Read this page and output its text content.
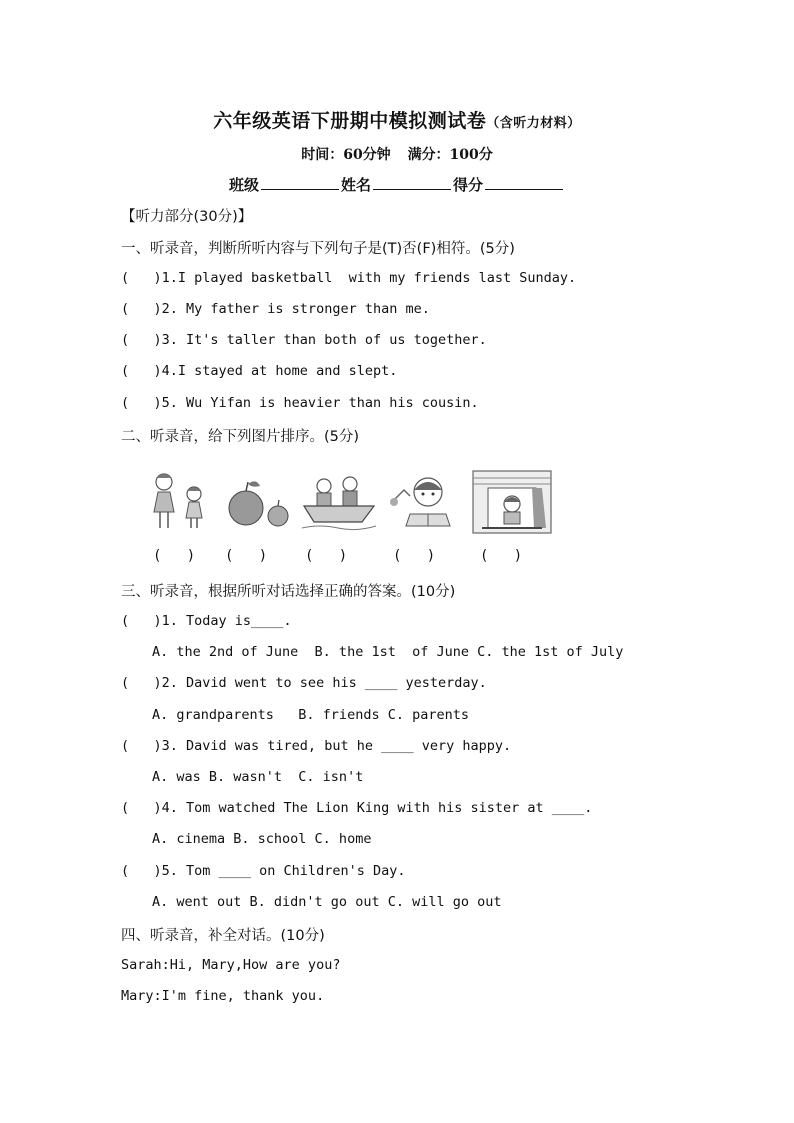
六年级英语下册期中模拟测试卷（含听力材料）
时间：60分钟 满分：100分
班级	姓名	得分
【听力部分(30分)】
一、听录音，判断所听内容与下列句子是(T)否(F)相符。(5分)
(   )1.I played basketball  with my friends last Sunday.
(   )2. My father is stronger than me.
(   )3. It's taller than both of us together.
(   )4.I stayed at home and slept.
(   )5. Wu Yifan is heavier than his cousin.
二、听录音，给下列图片排序。(5分)
(   ) (   )	(   )	(   )	(   )
三、听录音，根据所听对话选择正确的答案。(10分)
(   )1. Today is____.
A. the 2nd of June  B. the 1st  of June C. the 1st of July
(   )2. David went to see his ____ yesterday.
A. grandparents   B. friends C. parents
(   )3. David was tired, but he ____ very happy.
A. was B. wasn't  C. isn't
(   )4. Tom watched The Lion King with his sister at ____.
A. cinema B. school C. home
(   )5. Tom ____ on Children's Day.
A. went out B. didn't go out C. will go out
四、听录音，补全对话。(10分)
Sarah:Hi, Mary,How are you?
Mary:I'm fine, thank you.
